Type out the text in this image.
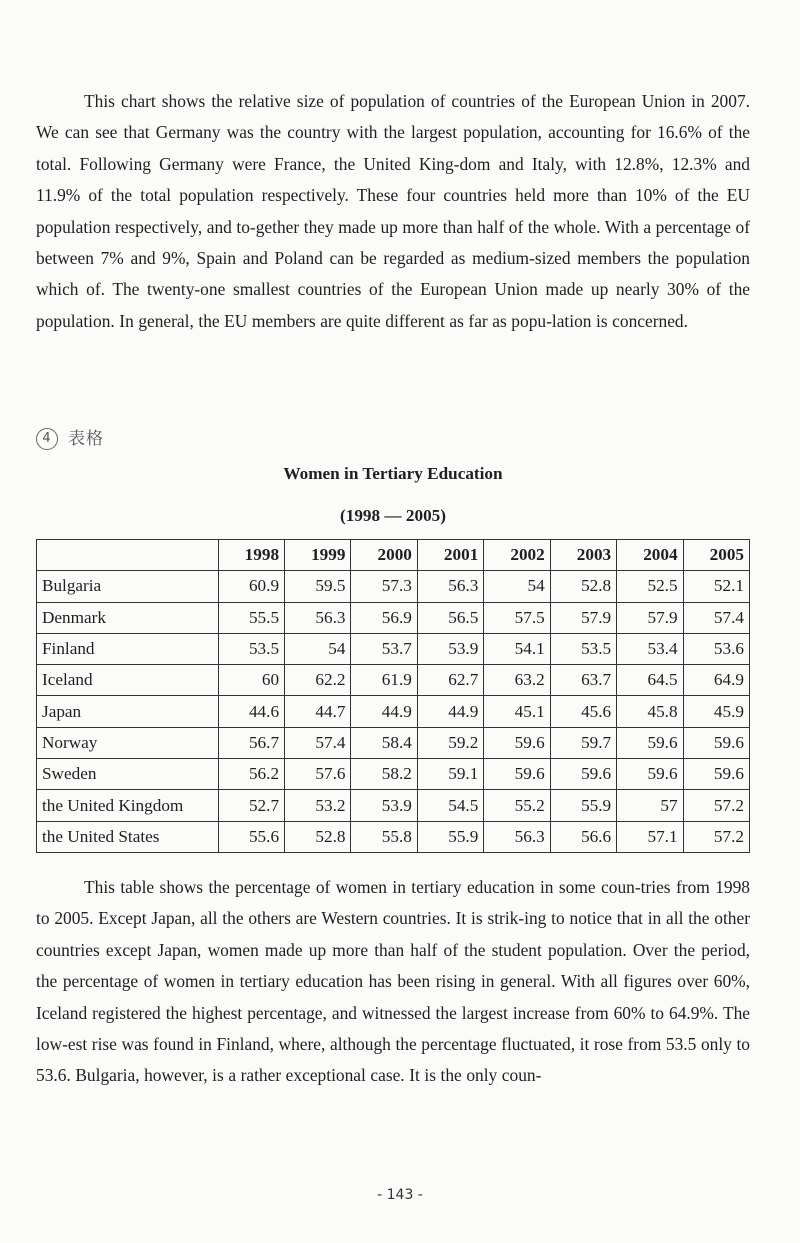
This chart shows the relative size of population of countries of the European Union in 2007. We can see that Germany was the country with the largest population, accounting for 16.6% of the total. Following Germany were France, the United King-dom and Italy, with 12.8%, 12.3% and 11.9% of the total population respectively. These four countries held more than 10% of the EU population respectively, and to-gether they made up more than half of the whole. With a percentage of between 7% and 9%, Spain and Poland can be regarded as medium-sized members the population which of. The twenty-one smallest countries of the European Union made up nearly 30% of the population. In general, the EU members are quite different as far as popu-lation is concerned.

4 表格
Women in Tertiary Education
(1998 — 2005)
	1998	1999	2000	2001	2002	2003	2004	2005
Bulgaria	60.9	59.5	57.3	56.3	54	52.8	52.5	52.1
Denmark	55.5	56.3	56.9	56.5	57.5	57.9	57.9	57.4
Finland	53.5	54	53.7	53.9	54.1	53.5	53.4	53.6
Iceland	60	62.2	61.9	62.7	63.2	63.7	64.5	64.9
Japan	44.6	44.7	44.9	44.9	45.1	45.6	45.8	45.9
Norway	56.7	57.4	58.4	59.2	59.6	59.7	59.6	59.6
Sweden	56.2	57.6	58.2	59.1	59.6	59.6	59.6	59.6
the United Kingdom	52.7	53.2	53.9	54.5	55.2	55.9	57	57.2
the United States	55.6	52.8	55.8	55.9	56.3	56.6	57.1	57.2

This table shows the percentage of women in tertiary education in some coun-tries from 1998 to 2005. Except Japan, all the others are Western countries. It is strik-ing to notice that in all the other countries except Japan, women made up more than half of the student population. Over the period, the percentage of women in tertiary education has been rising in general. With all figures over 60%, Iceland registered the highest percentage, and witnessed the largest increase from 60% to 64.9%. The low-est rise was found in Finland, where, although the percentage fluctuated, it rose from 53.5 only to 53.6. Bulgaria, however, is a rather exceptional case. It is the only coun-

- 143 -
